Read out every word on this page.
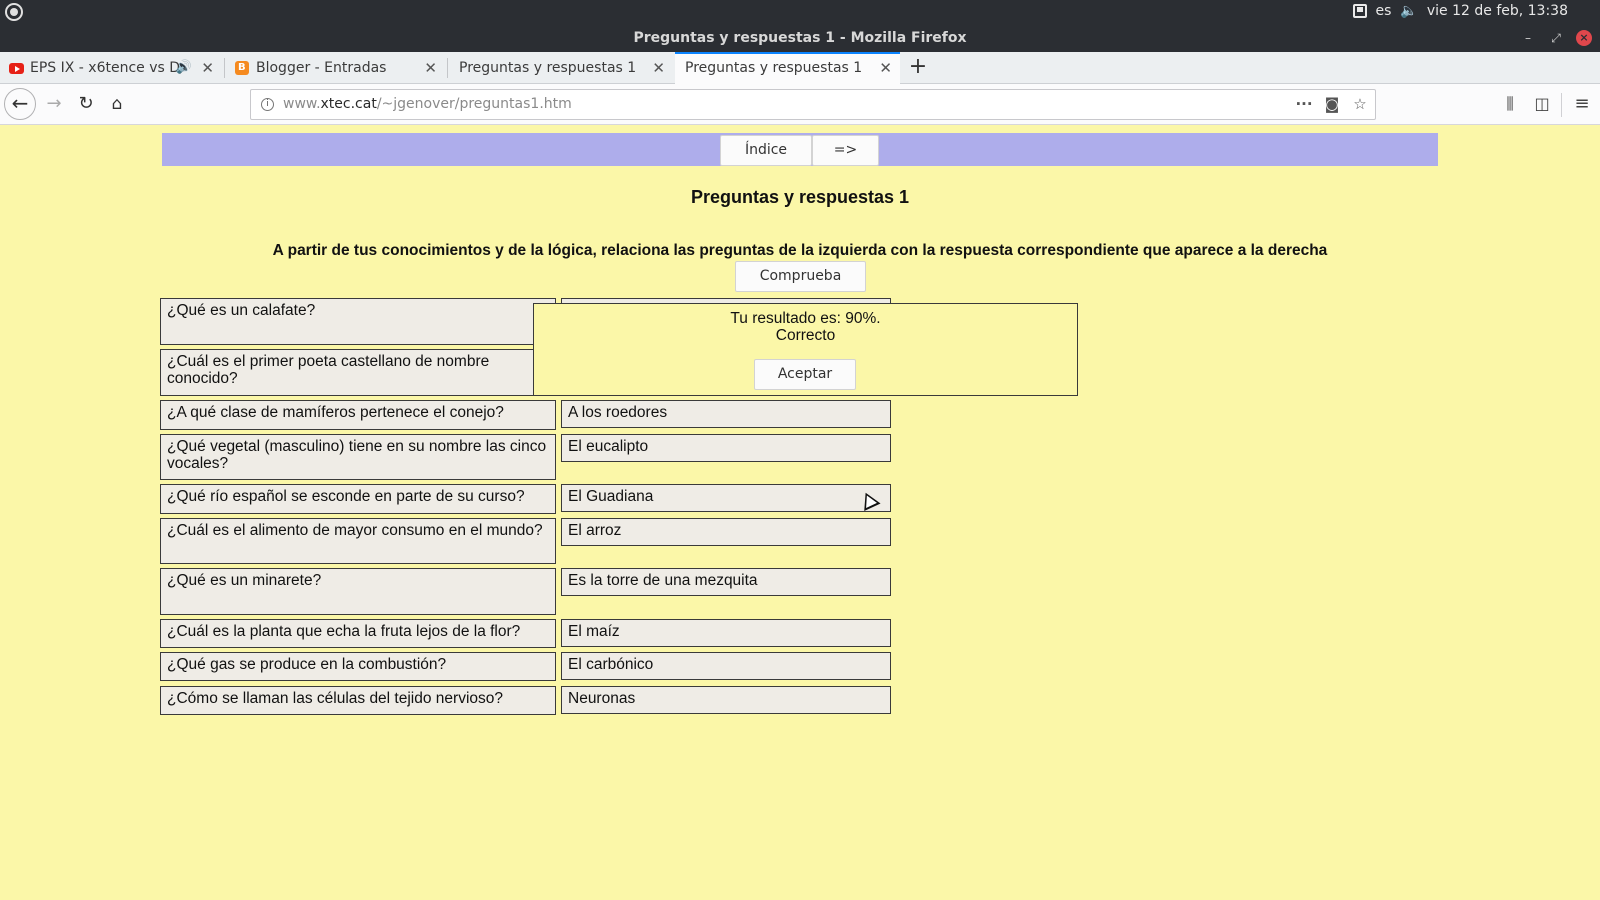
es 🔈 vie 12 de feb, 13:38
Preguntas y respuestas 1 - Mozilla Firefox	–	⤢	×
EPS IX - x6tence vs D
🔊 ✕
B	Blogger - Entradas	✕ Preguntas y respuestas 1 ✕ Preguntas y respuestas 1 ✕ +
←	→ ↻	⌂	i	www.xtec.cat/~jgenover/preguntas1.htm	··· ◙ ☆	⫼	◫	≡
Índice	=>
Preguntas y respuestas 1
A partir de tus conocimientos y de la lógica, relaciona las preguntas de la izquierda con la respuesta correspondiente que aparece a la derecha
Comprueba
¿Qué es un calafate?
¿Cuál es el primer poeta castellano de nombre conocido?
¿A qué clase de mamíferos pertenece el conejo?	A los roedores
¿Qué vegetal (masculino) tiene en su nombre las cinco vocales?
El eucalipto
¿Qué río español se esconde en parte de su curso?	El Guadiana
¿Cuál es el alimento de mayor consumo en el mundo?	El arroz
¿Qué es un minarete?	Es la torre de una mezquita
¿Cuál es la planta que echa la fruta lejos de la flor?	El maíz
¿Qué gas se produce en la combustión?	El carbónico
¿Cómo se llaman las células del tejido nervioso?	Neuronas
Tu resultado es: 90%.
Correcto
Aceptar
